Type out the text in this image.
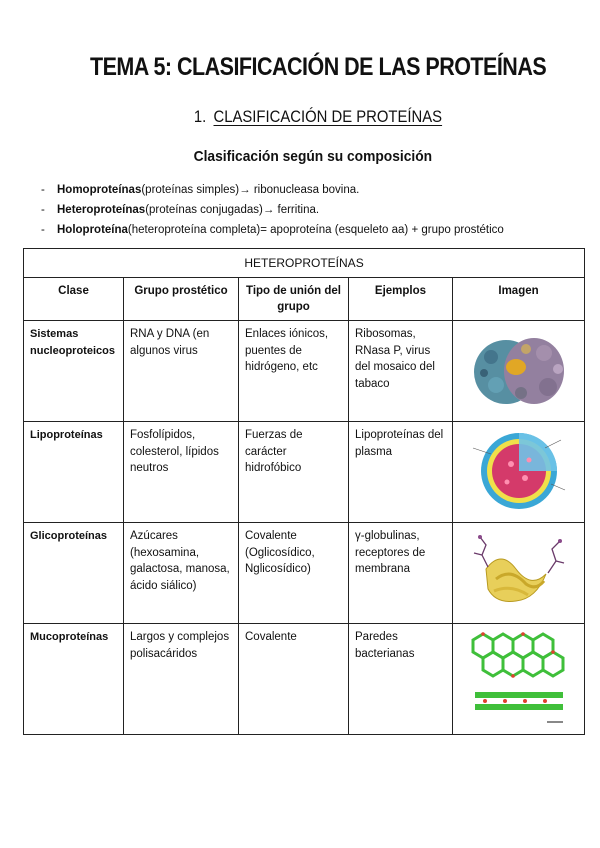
TEMA 5: CLASIFICACIÓN DE LAS PROTEÍNAS
1. CLASIFICACIÓN DE PROTEÍNAS
Clasificación según su composición
- Homoproteínas(proteínas simples)→ ribonucleasa bovina.
- Heteroproteínas(proteínas conjugadas)→ ferritina.
- Holoproteína(heteroproteína completa)= apoproteína (esqueleto aa) + grupo prostético
HETEROPROTEÍNAS				
Clase	Grupo prostético	Tipo de unión del grupo	Ejemplos	Imagen
Sistemas nucleoproteicos	RNA y DNA (en algunos virus	Enlaces iónicos, puentes de hidrógeno, etc	Ribosomas, RNasa P, virus del mosaico del tabaco	

Lipoproteínas	Fosfolípidos, colesterol, lípidos neutros	Fuerzas de carácter hidrofóbico	Lipoproteínas del plasma	

Glicoproteínas	Azúcares (hexosamina, galactosa, manosa, ácido siálico)	Covalente (Oglicosídico, Nglicosídico)	γ-globulinas, receptores de membrana	

Mucoproteínas	Largos y complejos polisacáridos	Covalente	Paredes bacterianas	
